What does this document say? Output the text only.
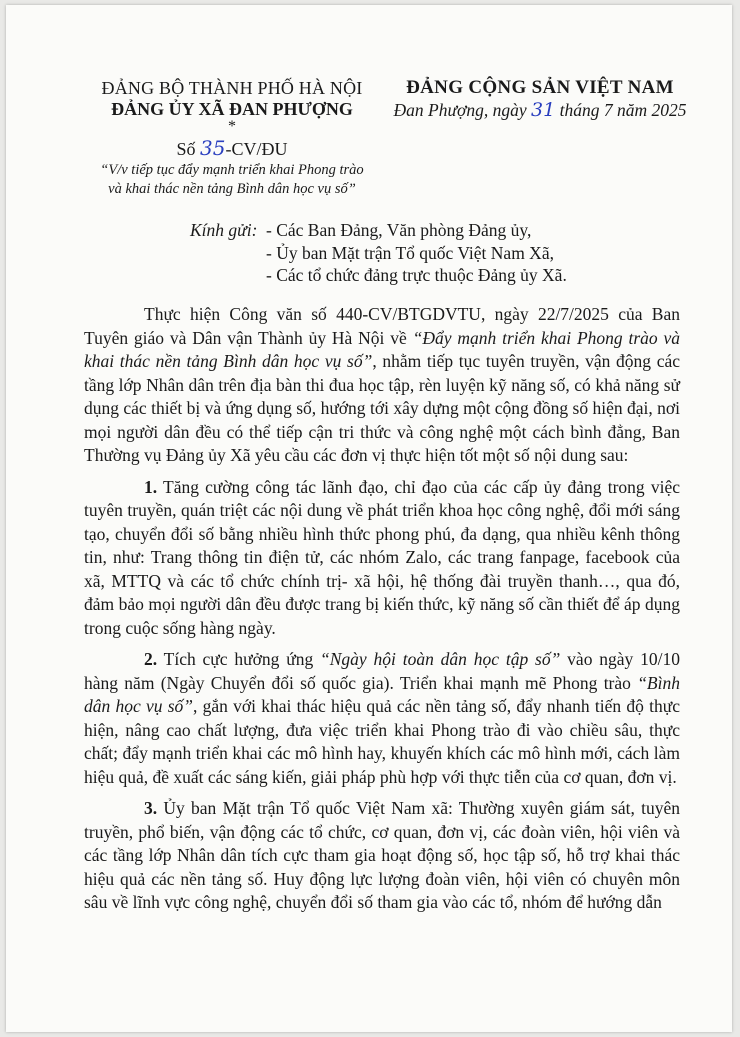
ĐẢNG BỘ THÀNH PHỐ HÀ NỘI
ĐẢNG ỦY XÃ ĐAN PHƯỢNG
*
Số 35-CV/ĐU
“V/v tiếp tục đẩy mạnh triển khai Phong trào
và khai thác nền tảng Bình dân học vụ số”
ĐẢNG CỘNG SẢN VIỆT NAM
Đan Phượng, ngày 31 tháng 7 năm 2025
Kính gửi: - Các Ban Đảng, Văn phòng Đảng ủy,
- Ủy ban Mặt trận Tổ quốc Việt Nam Xã,
- Các tổ chức đảng trực thuộc Đảng ủy Xã.

Thực hiện Công văn số 440-CV/BTGDVTU, ngày 22/7/2025 của Ban Tuyên giáo và Dân vận Thành ủy Hà Nội về “Đẩy mạnh triển khai Phong trào và khai thác nền tảng Bình dân học vụ số”, nhằm tiếp tục tuyên truyền, vận động các tầng lớp Nhân dân trên địa bàn thi đua học tập, rèn luyện kỹ năng số, có khả năng sử dụng các thiết bị và ứng dụng số, hướng tới xây dựng một cộng đồng số hiện đại, nơi mọi người dân đều có thể tiếp cận tri thức và công nghệ một cách bình đẳng, Ban Thường vụ Đảng ủy Xã yêu cầu các đơn vị thực hiện tốt một số nội dung sau:

1. Tăng cường công tác lãnh đạo, chỉ đạo của các cấp ủy đảng trong việc tuyên truyền, quán triệt các nội dung về phát triển khoa học công nghệ, đổi mới sáng tạo, chuyển đổi số bằng nhiều hình thức phong phú, đa dạng, qua nhiều kênh thông tin, như: Trang thông tin điện tử, các nhóm Zalo, các trang fanpage, facebook của xã, MTTQ và các tổ chức chính trị- xã hội, hệ thống đài truyền thanh…, qua đó, đảm bảo mọi người dân đều được trang bị kiến thức, kỹ năng số cần thiết để áp dụng trong cuộc sống hàng ngày.

2. Tích cực hưởng ứng “Ngày hội toàn dân học tập số” vào ngày 10/10 hàng năm (Ngày Chuyển đổi số quốc gia). Triển khai mạnh mẽ Phong trào “Bình dân học vụ số”, gắn với khai thác hiệu quả các nền tảng số, đẩy nhanh tiến độ thực hiện, nâng cao chất lượng, đưa việc triển khai Phong trào đi vào chiều sâu, thực chất; đẩy mạnh triển khai các mô hình hay, khuyến khích các mô hình mới, cách làm hiệu quả, đề xuất các sáng kiến, giải pháp phù hợp với thực tiễn của cơ quan, đơn vị.

3. Ủy ban Mặt trận Tổ quốc Việt Nam xã: Thường xuyên giám sát, tuyên truyền, phổ biến, vận động các tổ chức, cơ quan, đơn vị, các đoàn viên, hội viên và các tầng lớp Nhân dân tích cực tham gia hoạt động số, học tập số, hỗ trợ khai thác hiệu quả các nền tảng số. Huy động lực lượng đoàn viên, hội viên có chuyên môn sâu về lĩnh vực công nghệ, chuyển đổi số tham gia vào các tổ, nhóm để hướng dẫn
